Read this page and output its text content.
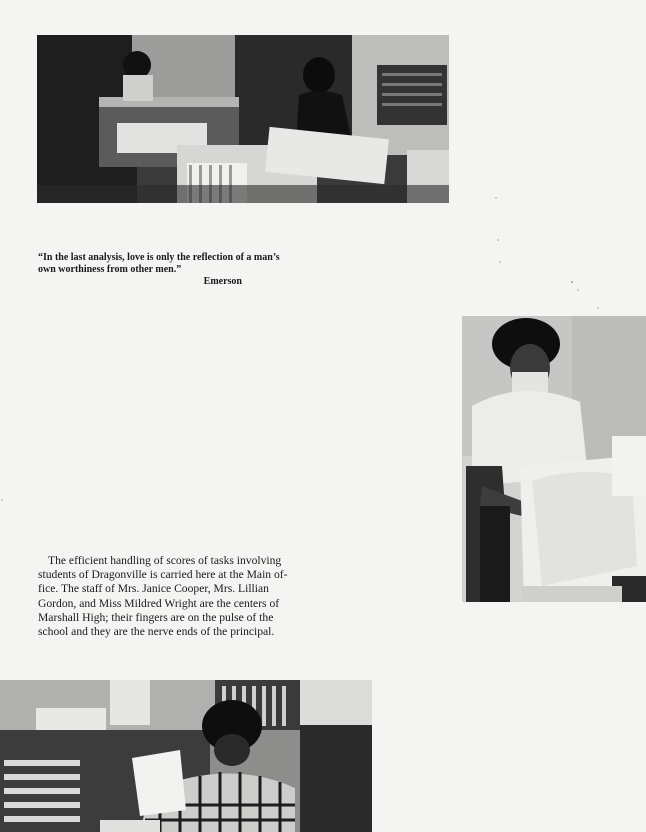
“In the last analysis, love is only the reflection of a man’s
own worthiness from other men.”
Emerson

The efficient handling of scores of tasks involving
students of Dragonville is carried here at the Main of-
fice. The staff of Mrs. Janice Cooper, Mrs. Lillian
Gordon, and Miss Mildred Wright are the centers of
Marshall High; their fingers are on the pulse of the
school and they are the nerve ends of the principal.
